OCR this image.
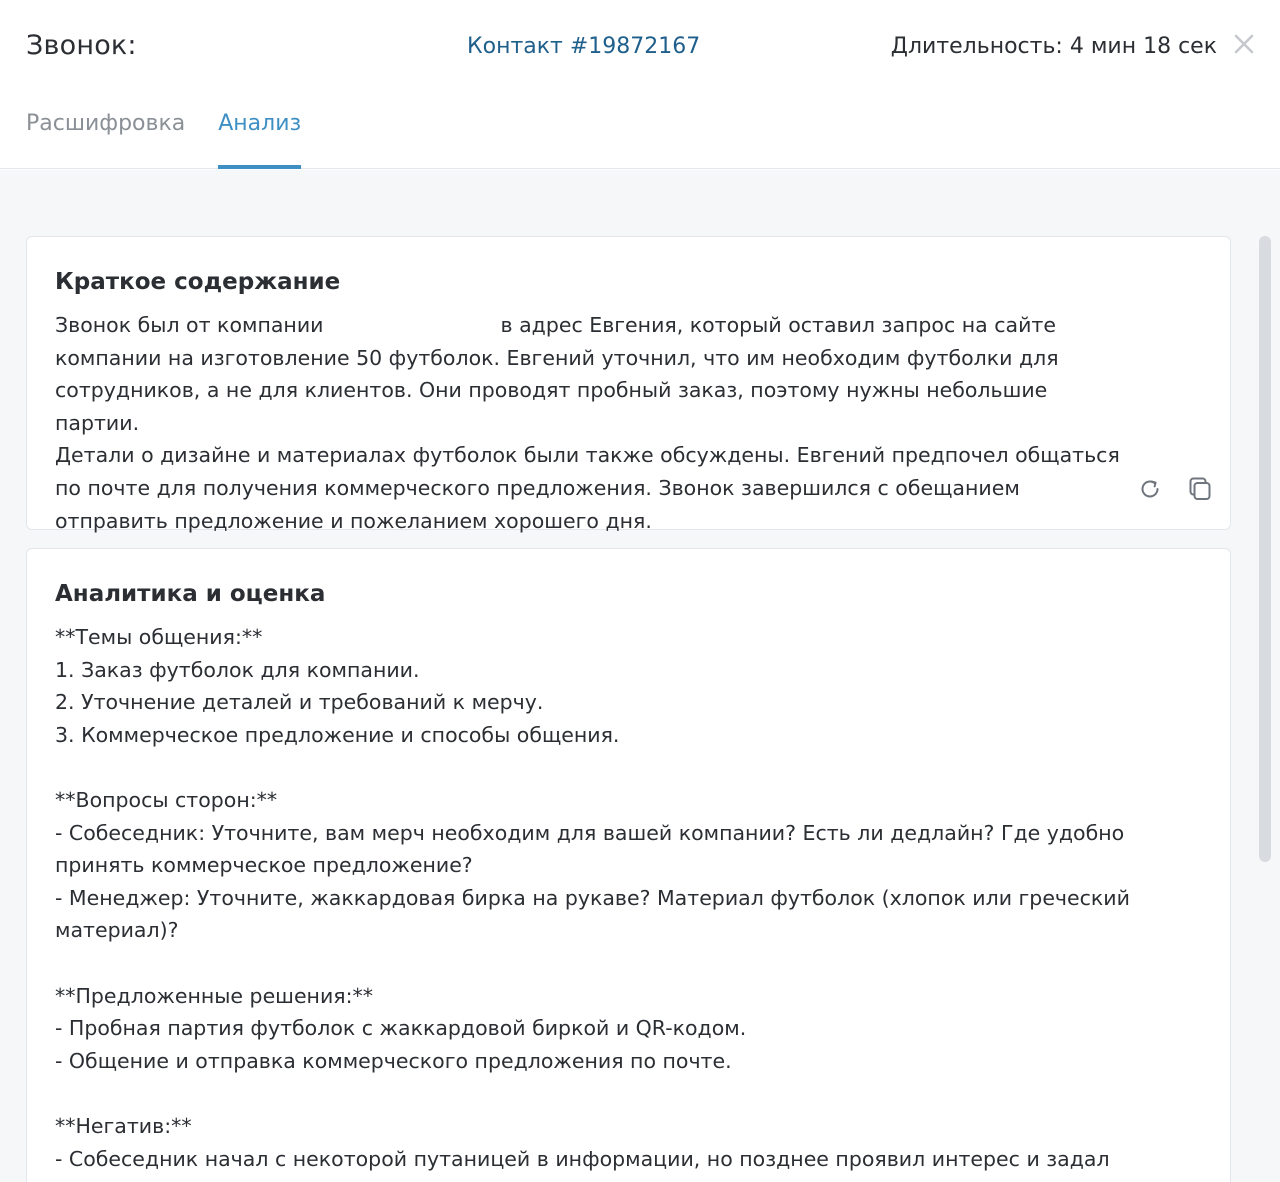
Звонок:	Контакт #19872167	Длительность: 4 мин 18 сек
Расшифровка Анализ
Краткое содержание
Звонок был от компании	в адрес Евгения, который оставил запрос на сайте
компании на изготовление 50 футболок. Евгений уточнил, что им необходим футболки для
сотрудников, а не для клиентов. Они проводят пробный заказ, поэтому нужны небольшие партии.
Детали о дизайне и материалах футболок были также обсуждены. Евгений предпочел общаться
по почте для получения коммерческого предложения. Звонок завершился с обещанием
отправить предложение и пожеланием хорошего дня.
Аналитика и оценка
**Темы общения:**
1. Заказ футболок для компании.
2. Уточнение деталей и требований к мерчу.
3. Коммерческое предложение и способы общения.

**Вопросы сторон:**
- Собеседник: Уточните, вам мерч необходим для вашей компании? Есть ли дедлайн? Где удобно
принять коммерческое предложение?
- Менеджер: Уточните, жаккардовая бирка на рукаве? Материал футболок (хлопок или греческий
материал)?

**Предложенные решения:**
- Пробная партия футболок с жаккардовой биркой и QR-кодом.
- Общение и отправка коммерческого предложения по почте.

**Негатив:**
- Собеседник начал с некоторой путаницей в информации, но позднее проявил интерес и задал
